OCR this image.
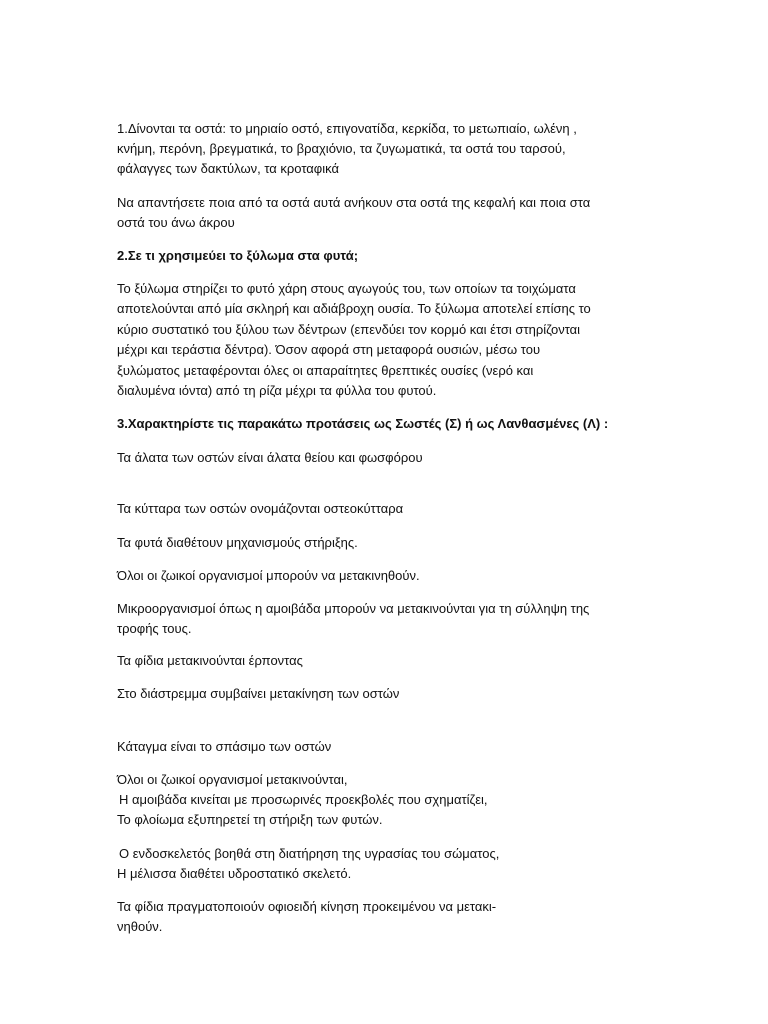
1.Δίνονται τα οστά: το μηριαίο οστό, επιγονατίδα, κερκίδα, το μετωπιαίο, ωλένη ,
κνήμη, περόνη, βρεγματικά, το βραχιόνιο, τα ζυγωματικά, τα οστά του ταρσού,
φάλαγγες των δακτύλων, τα κροταφικά
Να απαντήσετε ποια από τα οστά αυτά ανήκουν στα οστά της κεφαλή και ποια στα
οστά του άνω άκρου
2.Σε τι χρησιμεύει το ξύλωμα στα φυτά;
Το ξύλωμα στηρίζει το φυτό χάρη στους αγωγούς του, των οποίων τα τοιχώματα
αποτελούνται από μία σκληρή και αδιάβροχη ουσία. Το ξύλωμα αποτελεί επίσης το
κύριο συστατικό του ξύλου των δέντρων (επενδύει τον κορμό και έτσι στηρίζονται
μέχρι και τεράστια δέντρα). Όσον αφορά στη μεταφορά ουσιών, μέσω του
ξυλώματος μεταφέρονται όλες οι απαραίτητες θρεπτικές ουσίες (νερό και
διαλυμένα ιόντα) από τη ρίζα μέχρι τα φύλλα του φυτού.
3.Χαρακτηρίστε τις παρακάτω προτάσεις ως Σωστές (Σ) ή ως Λανθασμένες (Λ) :
Τα άλατα των οστών είναι άλατα θείου και φωσφόρου
Τα κύτταρα των οστών ονομάζονται οστεοκύτταρα
Τα φυτά διαθέτουν μηχανισμούς στήριξης.
Όλοι οι ζωικοί οργανισμοί μπορούν να μετακινηθούν.
Μικροοργανισμοί όπως η αμοιβάδα μπορούν να μετακινούνται για τη σύλληψη της
τροφής τους.
Τα φίδια μετακινούνται έρποντας
Στο διάστρεμμα συμβαίνει μετακίνηση των οστών
Κάταγμα είναι το σπάσιμο των οστών
Όλοι οι ζωικοί οργανισμοί μετακινούνται,
Η αμοιβάδα κινείται με προσωρινές προεκβολές που σχηματίζει,
Το φλοίωμα εξυπηρετεί τη στήριξη των φυτών.
Ο ενδοσκελετός βοηθά στη διατήρηση της υγρασίας του σώματος,
Η μέλισσα διαθέτει υδροστατικό σκελετό.
Τα φίδια πραγματοποιούν οφιοειδή κίνηση προκειμένου να μετακι-
νηθούν.
